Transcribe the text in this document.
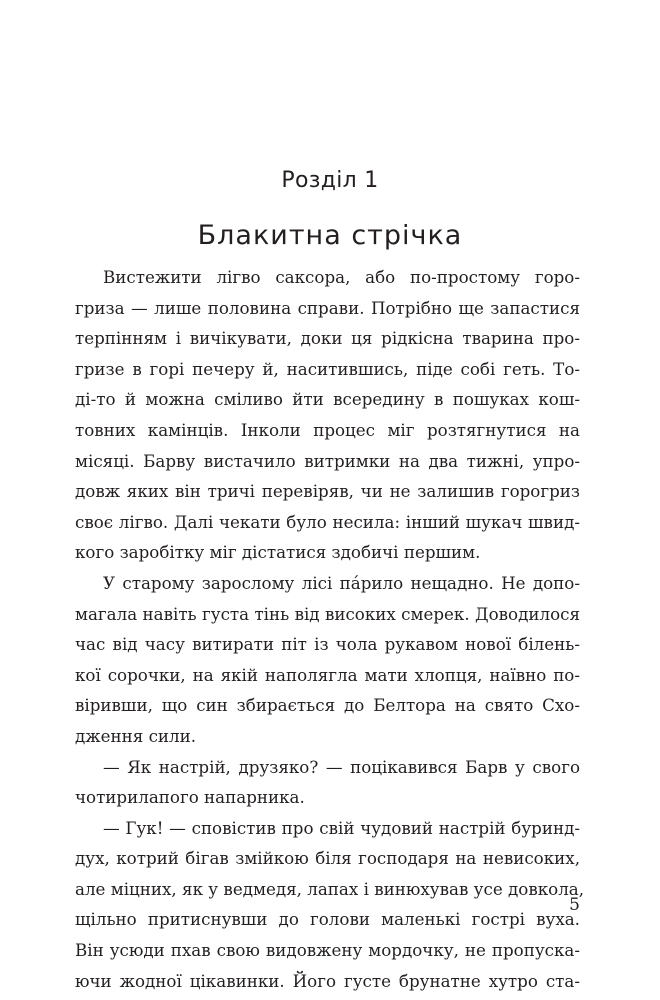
Розділ 1
Блакитна стрічка
Вистежити лігво саксора, або по-простому горо-
гриза — лише половина справи. Потрібно ще запастися
терпінням і вичікувати, доки ця рідкісна тварина про-
гризе в горі печеру й, наситившись, піде собі геть. То-
ді-то й можна сміливо йти всередину в пошуках кош-
товних камінців. Інколи процес міг розтягнутися на
місяці. Барву вистачило витримки на два тижні, упро-
довж яких він тричі перевіряв, чи не залишив горогриз
своє лігво. Далі чекати було несила: інший шукач швид-
кого заробітку міг дістатися здобичі першим.
У старому зарослому лісі пáрило нещадно. Не допо-
магала навіть густа тінь від високих смерек. Доводилося
час від часу витирати піт із чола рукавом нової білень-
кої сорочки, на якій наполягла мати хлопця, наївно по-
віривши, що син збирається до Белтора на свято Схо-
дження сили.
— Як настрій, друзяко? — поцікавився Барв у свого
чотирилапого напарника.
— Гук! — сповістив про свій чудовий настрій буринд-
дух, котрий бігав змійкою біля господаря на невисоких,
але міцних, як у ведмедя, лапах і винюхував усе довкола,
щільно притиснувши до голови маленькі гострі вуха.
Він усюди пхав свою видовжену мордочку, не пропуска-
ючи жодної цікавинки. Його густе брунатне хутро ста-
5
